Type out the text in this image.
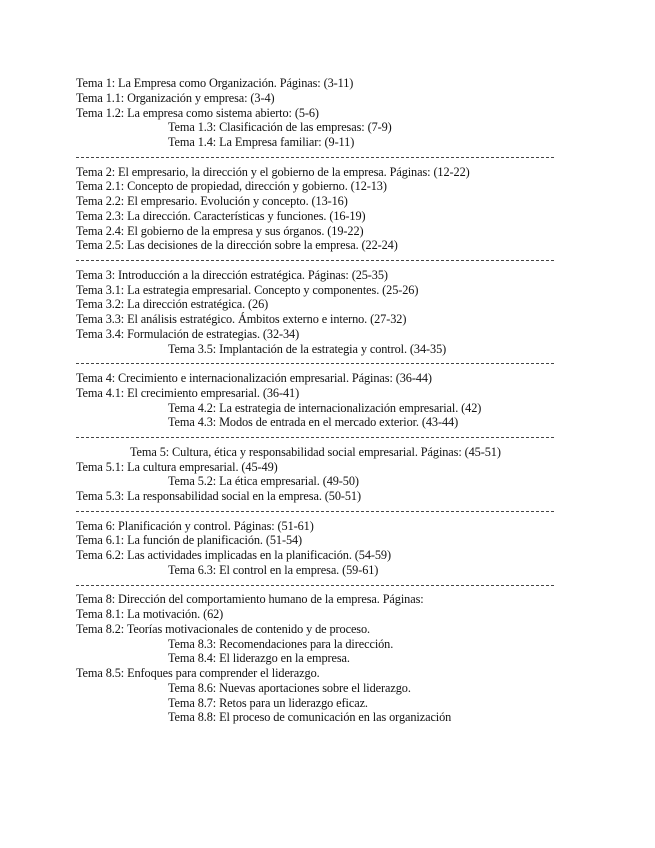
Tema 1: La Empresa como Organización. Páginas: (3-11)
Tema 1.1: Organización y empresa: (3-4)
Tema 1.2: La empresa como sistema abierto: (5-6)
Tema 1.3: Clasificación de las empresas: (7-9)
Tema 1.4: La Empresa familiar: (9-11)
Tema 2: El empresario, la dirección y el gobierno de la empresa. Páginas: (12-22)
Tema 2.1: Concepto de propiedad, dirección y gobierno. (12-13)
Tema 2.2: El empresario. Evolución y concepto. (13-16)
Tema 2.3: La dirección. Características y funciones. (16-19)
Tema 2.4: El gobierno de la empresa y sus órganos. (19-22)
Tema 2.5: Las decisiones de la dirección sobre la empresa. (22-24)
Tema 3: Introducción a la dirección estratégica. Páginas: (25-35)
Tema 3.1: La estrategia empresarial. Concepto y componentes. (25-26)
Tema 3.2: La dirección estratégica. (26)
Tema 3.3: El análisis estratégico. Ámbitos externo e interno. (27-32)
Tema 3.4: Formulación de estrategias. (32-34)
Tema 3.5: Implantación de la estrategia y control. (34-35)
Tema 4: Crecimiento e internacionalización empresarial. Páginas: (36-44)
Tema 4.1: El crecimiento empresarial. (36-41)
Tema 4.2: La estrategia de internacionalización empresarial. (42)
Tema 4.3: Modos de entrada en el mercado exterior. (43-44)
Tema 5: Cultura, ética y responsabilidad social empresarial. Páginas: (45-51)
Tema 5.1: La cultura empresarial. (45-49)
Tema 5.2: La ética empresarial. (49-50)
Tema 5.3: La responsabilidad social en la empresa. (50-51)
Tema 6: Planificación y control. Páginas: (51-61)
Tema 6.1: La función de planificación. (51-54)
Tema 6.2: Las actividades implicadas en la planificación. (54-59)
Tema 6.3: El control en la empresa. (59-61)
Tema 8: Dirección del comportamiento humano de la empresa. Páginas:
Tema 8.1: La motivación. (62)
Tema 8.2: Teorías motivacionales de contenido y de proceso.
Tema 8.3: Recomendaciones para la dirección.
Tema 8.4: El liderazgo en la empresa.
Tema 8.5: Enfoques para comprender el liderazgo.
Tema 8.6: Nuevas aportaciones sobre el liderazgo.
Tema 8.7: Retos para un liderazgo eficaz.
Tema 8.8: El proceso de comunicación en las organización
